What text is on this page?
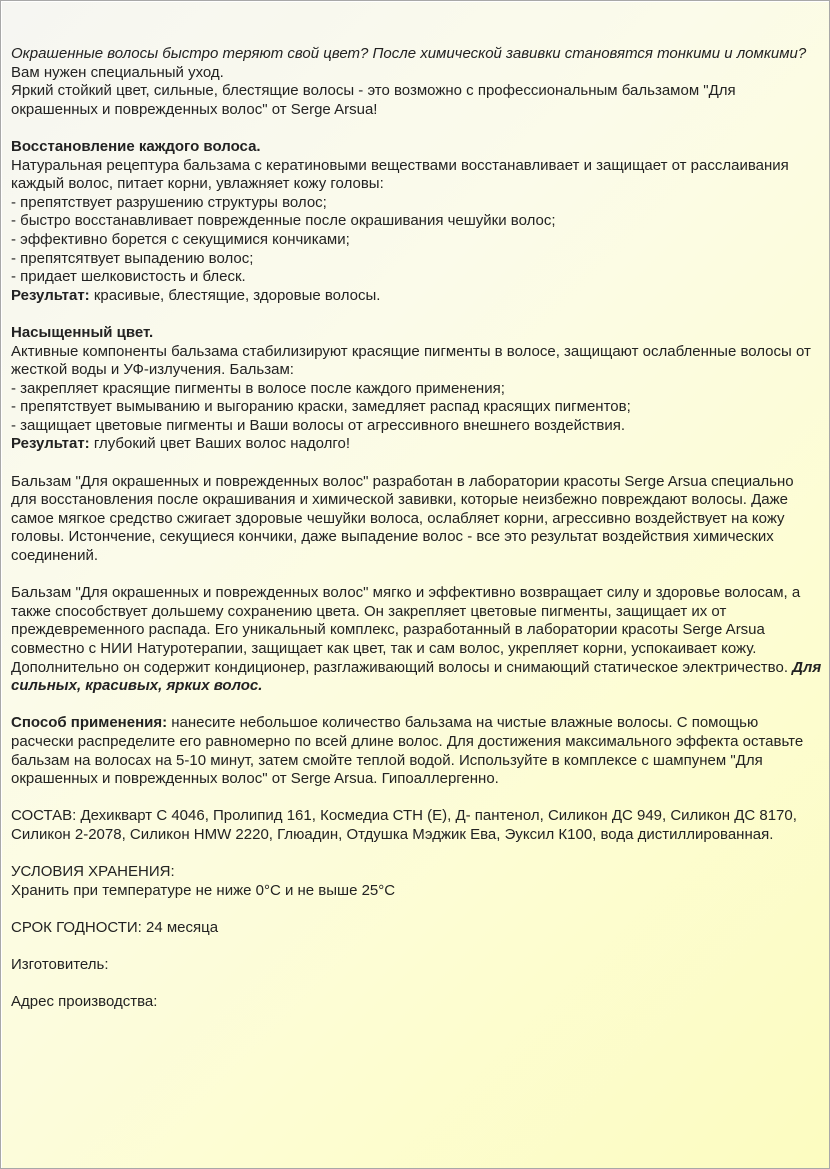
Окрашенные волосы быстро теряют свой цвет? После химической завивки становятся тонкими и ломкими? Вам нужен специальный уход.

Яркий стойкий цвет, сильные, блестящие волосы - это возможно с профессиональным бальзамом "Для окрашенных и поврежденных волос" от Serge Arsua!

Восстановление каждого волоса.

Натуральная рецептура бальзама с кератиновыми веществами восстанавливает и защищает от расслаивания каждый волос, питает корни, увлажняет кожу головы:

- препятствует разрушению структуры волос;

- быстро восстанавливает поврежденные после окрашивания чешуйки волос;

- эффективно борется с секущимися кончиками;

- препятсятвует выпадению волос;

- придает шелковистость и блеск.

Результат: красивые, блестящие, здоровые волосы.

Насыщенный цвет.

Активные компоненты бальзама стабилизируют красящие пигменты в волосе, защищают ослабленные волосы от жесткой воды и УФ-излучения. Бальзам:

- закрепляет красящие пигменты в волосе после каждого применения;

- препятствует вымыванию и выгоранию краски, замедляет распад красящих пигментов;

- защищает цветовые пигменты и Ваши волосы от агрессивного внешнего воздействия.

Результат: глубокий цвет Ваших волос надолго!

Бальзам "Для окрашенных и поврежденных волос" разработан в лаборатории красоты Serge Arsua специально для восстановления после окрашивания и химической завивки, которые неизбежно повреждают волосы. Даже самое мягкое средство сжигает здоровые чешуйки волоса, ослабляет корни, агрессивно воздействует на кожу головы. Истончение, секущиеся кончики, даже выпадение волос - все это результат воздействия химических соединений.

Бальзам "Для окрашенных и поврежденных волос" мягко и эффективно возвращает силу и здоровье волосам, а также способствует дольшему сохранению цвета. Он закрепляет цветовые пигменты, защищает их от преждевременного распада. Его уникальный комплекс, разработанный в лаборатории красоты Serge Arsua совместно с НИИ Натуротерапии, защищает как цвет, так и сам волос, укрепляет корни, успокаивает кожу. Дополнительно он содержит кондиционер, разглаживающий волосы и снимающий статическое электричество. Для сильных, красивых, ярких волос.

Способ применения: нанесите небольшое количество бальзама на чистые влажные волосы. С помощью расчески распределите его равномерно по всей длине волос. Для достижения максимального эффекта оставьте бальзам на волосах на 5-10 минут, затем смойте теплой водой. Используйте в комплексе с шампунем "Для окрашенных и поврежденных волос" от Serge Arsua. Гипоаллергенно.

СОСТАВ: Дехикварт С 4046, Пролипид 161, Космедиа СТН (Е), Д- пантенол, Силикон ДС 949, Силикон ДС 8170, Силикон 2-2078, Силикон НМW 2220, Глюадин, Отдушка Мэджик Ева, Эуксил К100, вода дистиллированная.

УСЛОВИЯ ХРАНЕНИЯ:

Хранить при температуре не ниже 0°С и не выше 25°С

СРОК ГОДНОСТИ: 24 месяца

Изготовитель:

Адрес производства:
